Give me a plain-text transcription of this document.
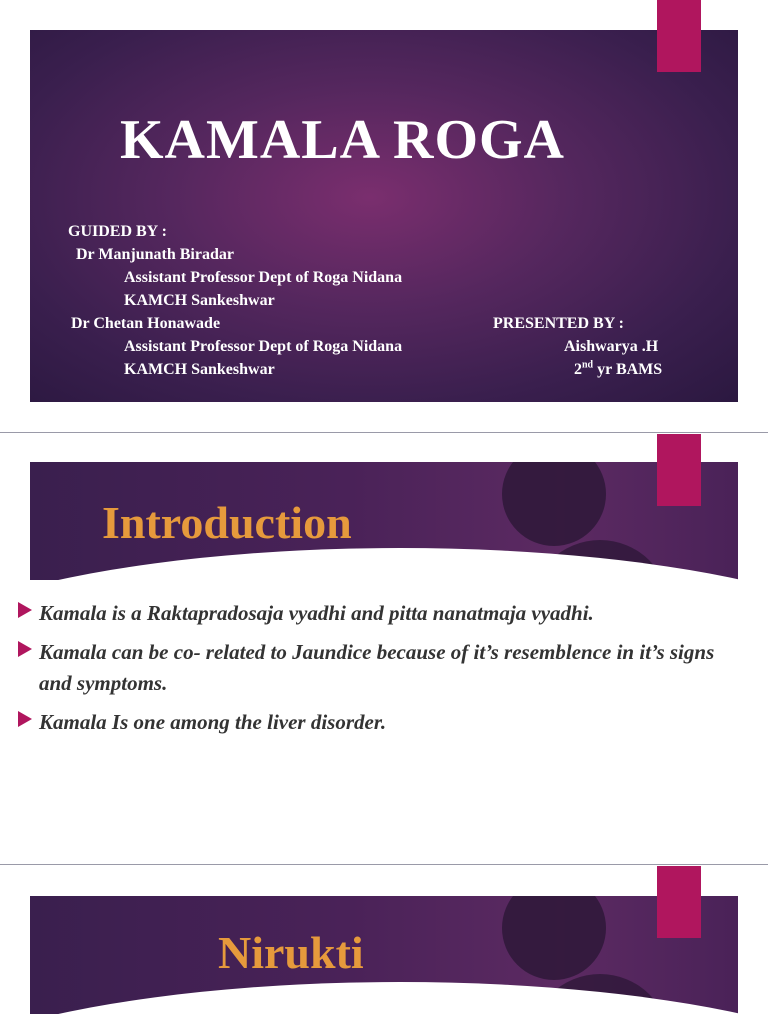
KAMALA ROGA
GUIDED BY :
Dr Manjunath Biradar
Assistant Professor Dept of Roga Nidana
KAMCH Sankeshwar
Dr Chetan Honawade
Assistant Professor Dept of Roga Nidana
KAMCH Sankeshwar
PRESENTED BY :
Aishwarya .H
2nd yr BAMS
Introduction
Kamala is a Raktapradosaja vyadhi and pitta nanatmaja vyadhi.
Kamala can be co- related to Jaundice because of it’s resemblence in it’s signs and symptoms.
Kamala Is one among the liver disorder.
Nirukti
